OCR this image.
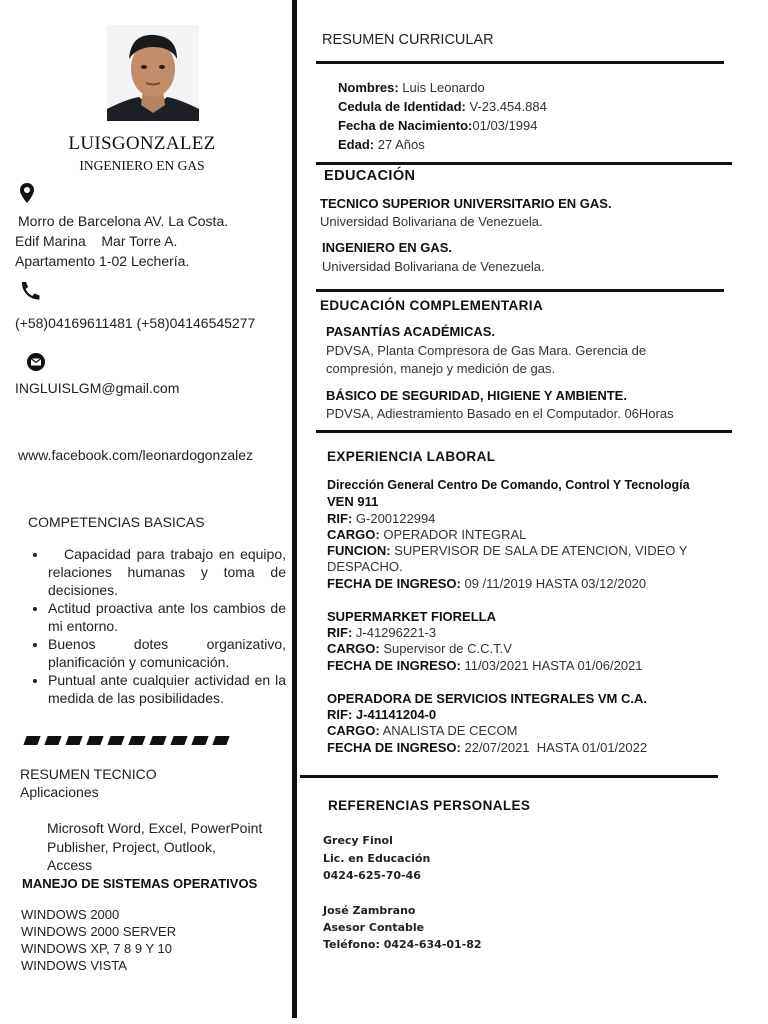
LUISGONZALEZ
INGENIERO EN GAS
Morro de Barcelona AV. La Costa.
Edif Marina    Mar Torre A.
Apartamento 1-02 Lechería.
(+58)04169611481 (+58)04146545277
INGLUISLGM@gmail.com
www.facebook.com/leonardogonzalez
COMPETENCIAS BASICAS
• Capacidad para trabajo en equipo, relaciones humanas y toma de decisiones.
• Actitud proactiva ante los cambios de mi entorno.
• Buenos dotes organizativo, planificación y comunicación.
• Puntual ante cualquier actividad en la medida de las posibilidades.
RESUMEN TECNICO
Aplicaciones
Microsoft Word, Excel, PowerPoint
Publisher, Project, Outlook,
Access
MANEJO DE SISTEMAS OPERATIVOS
WINDOWS 2000
WINDOWS 2000 SERVER
WINDOWS XP, 7 8 9 Y 10
WINDOWS VISTA
RESUMEN CURRICULAR
Nombres: Luis Leonardo
Cedula de Identidad: V-23.454.884
Fecha de Nacimiento:01/03/1994
Edad: 27 Años
EDUCACIÓN
TECNICO SUPERIOR UNIVERSITARIO EN GAS.
Universidad Bolivariana de Venezuela.
INGENIERO EN GAS.
Universidad Bolivariana de Venezuela.
EDUCACIÓN COMPLEMENTARIA
PASANTÍAS ACADÉMICAS.
PDVSA, Planta Compresora de Gas Mara. Gerencia de
compresión, manejo y medición de gas.
BÁSICO DE SEGURIDAD, HIGIENE Y AMBIENTE.
PDVSA, Adiestramiento Basado en el Computador. 06Horas
EXPERIENCIA LABORAL
Dirección General Centro De Comando, Control Y Tecnología
VEN 911
RIF: G-200122994
CARGO: OPERADOR INTEGRAL
FUNCION: SUPERVISOR DE SALA DE ATENCION, VIDEO Y
DESPACHO.
FECHA DE INGRESO: 09 /11/2019 HASTA 03/12/2020
SUPERMARKET FIORELLA
RIF: J-41296221-3
CARGO: Supervisor de C.C.T.V
FECHA DE INGRESO: 11/03/2021 HASTA 01/06/2021
OPERADORA DE SERVICIOS INTEGRALES VM C.A.
RIF: J-41141204-0
CARGO: ANALISTA DE CECOM
FECHA DE INGRESO: 22/07/2021  HASTA 01/01/2022
REFERENCIAS PERSONALES
Grecy Finol
Lic. en Educación
0424-625-70-46
José Zambrano
Asesor Contable
Teléfono: 0424-634-01-82
